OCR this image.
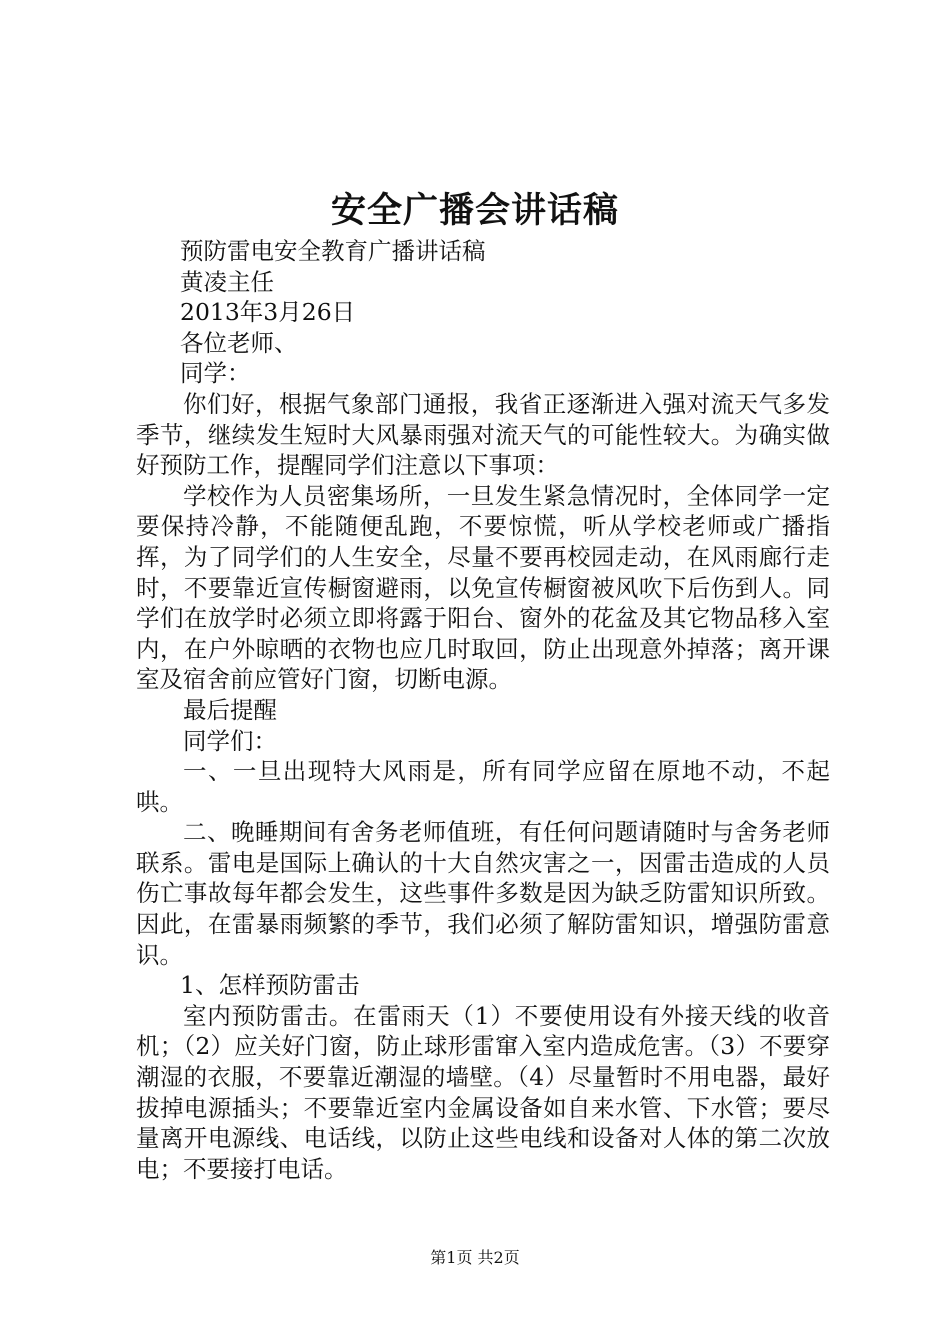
安全广播会讲话稿
预防雷电安全教育广播讲话稿
黄凌主任
2013年3月26日
各位老师、
同学：
你们好，根据气象部门通报，我省正逐渐进入强对流天气多发季节，继续发生短时大风暴雨强对流天气的可能性较大。为确实做好预防工作，提醒同学们注意以下事项：
学校作为人员密集场所，一旦发生紧急情况时，全体同学一定要保持冷静，不能随便乱跑，不要惊慌，听从学校老师或广播指挥，为了同学们的人生安全，尽量不要再校园走动，在风雨廊行走时，不要靠近宣传橱窗避雨，以免宣传橱窗被风吹下后伤到人。同学们在放学时必须立即将露于阳台、窗外的花盆及其它物品移入室内，在户外晾晒的衣物也应几时取回，防止出现意外掉落；离开课室及宿舍前应管好门窗，切断电源。
最后提醒
同学们：
一、一旦出现特大风雨是，所有同学应留在原地不动，不起哄。
二、晚睡期间有舍务老师值班，有任何问题请随时与舍务老师联系。雷电是国际上确认的十大自然灾害之一，因雷击造成的人员伤亡事故每年都会发生，这些事件多数是因为缺乏防雷知识所致。因此，在雷暴雨频繁的季节，我们必须了解防雷知识，增强防雷意识。
1、怎样预防雷击
室内预防雷击。在雷雨天（1）不要使用设有外接天线的收音机；（2）应关好门窗，防止球形雷窜入室内造成危害。（3）不要穿潮湿的衣服，不要靠近潮湿的墙壁。（4）尽量暂时不用电器，最好拔掉电源插头；不要靠近室内金属设备如自来水管、下水管；要尽量离开电源线、电话线，以防止这些电线和设备对人体的第二次放电；不要接打电话。
第1页 共2页
